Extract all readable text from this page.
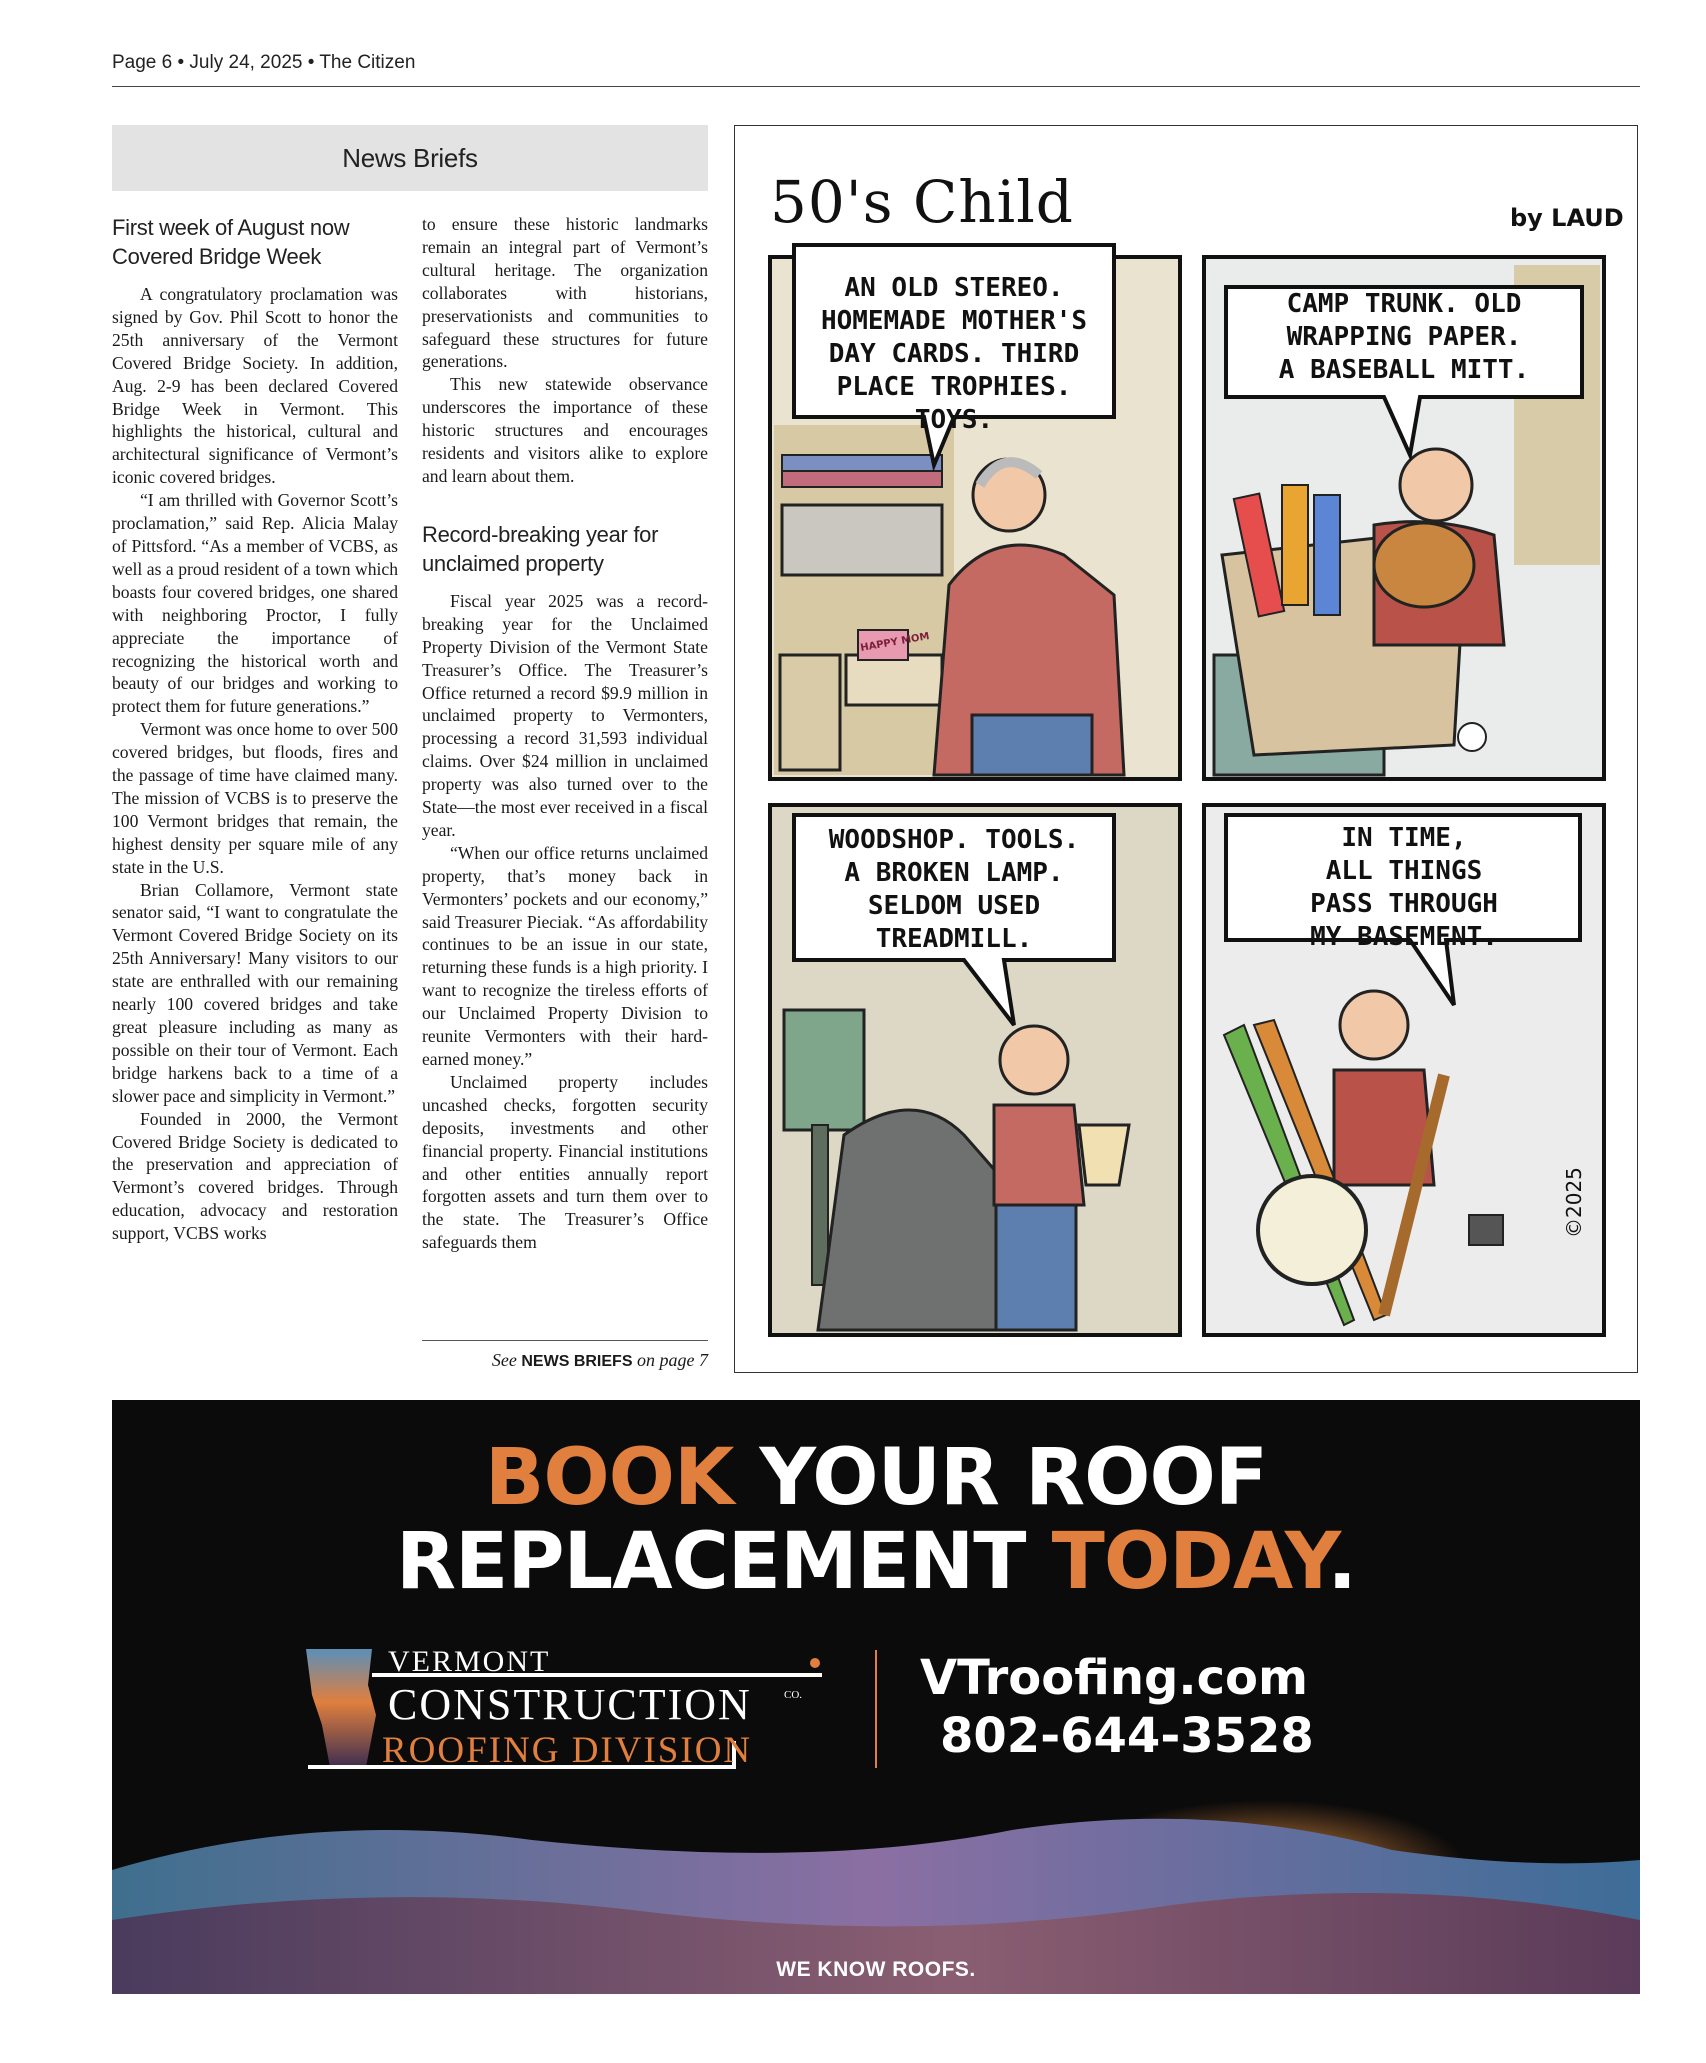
Page 6 • July 24, 2025 • The Citizen
News Briefs
First week of August now Covered Bridge Week

A congratulatory proclamation was signed by Gov. Phil Scott to honor the 25th anniversary of the Vermont Covered Bridge Society. In addition, Aug. 2-9 has been declared Covered Bridge Week in Vermont. This highlights the historical, cultural and architectural significance of Vermont’s iconic covered bridges.

“I am thrilled with Governor Scott’s proclamation,” said Rep. Alicia Malay of Pittsford. “As a member of VCBS, as well as a proud resident of a town which boasts four covered bridges, one shared with neighboring Proctor, I fully appreciate the importance of recognizing the historical worth and beauty of our bridges and working to protect them for future generations.”

Vermont was once home to over 500 covered bridges, but floods, fires and the passage of time have claimed many. The mission of VCBS is to preserve the 100 Vermont bridges that remain, the highest density per square mile of any state in the U.S.

Brian Collamore, Vermont state senator said, “I want to congratulate the Vermont Covered Bridge Society on its 25th Anniversary! Many visitors to our state are enthralled with our remaining nearly 100 covered bridges and take great pleasure including as many as possible on their tour of Vermont. Each bridge harkens back to a time of a slower pace and simplicity in Vermont.”

Founded in 2000, the Vermont Covered Bridge Society is dedicated to the preservation and appreciation of Vermont’s covered bridges. Through education, advocacy and restoration support, VCBS works

to ensure these historic landmarks remain an integral part of Vermont’s cultural heritage. The organization collaborates with historians, preservationists and communities to safeguard these structures for future generations.

This new statewide observance underscores the importance of these historic structures and encourages residents and visitors alike to explore and learn about them.

Record-breaking year for unclaimed property

Fiscal year 2025 was a record-breaking year for the Unclaimed Property Division of the Vermont State Treasurer’s Office. The Treasurer’s Office returned a record $9.9 million in unclaimed property to Vermonters, processing a record 31,593 individual claims. Over $24 million in unclaimed property was also turned over to the State—the most ever received in a fiscal year.

“When our office returns unclaimed property, that’s money back in Vermonters’ pockets and our economy,” said Treasurer Pieciak. “As affordability continues to be an issue in our state, returning these funds is a high priority. I want to recognize the tireless efforts of our Unclaimed Property Division to reunite Vermonters with their hard-earned money.”

Unclaimed property includes uncashed checks, forgotten security deposits, investments and other financial property. Financial institutions and other entities annually report forgotten assets and turn them over to the state. The Treasurer’s Office safeguards them

See NEWS BRIEFS on page 7
50's Child	by LAUD
AN OLD STEREO.
HOMEMADE MOTHER'S
DAY CARDS. THIRD
PLACE TROPHIES. TOYS.
CAMP TRUNK. OLD
WRAPPING PAPER.
A BASEBALL MITT.
WOODSHOP. TOOLS.
A BROKEN LAMP.
SELDOM USED
TREADMILL.
IN TIME,
ALL THINGS
PASS THROUGH
MY BASEMENT.
HAPPY MOM
©2025
BOOK YOUR ROOF
REPLACEMENT TODAY.
VERMONT
CONSTRUCTION	CO.
ROOFING DIVISION
VTroofing.com
802-644-3528
WE KNOW ROOFS.
